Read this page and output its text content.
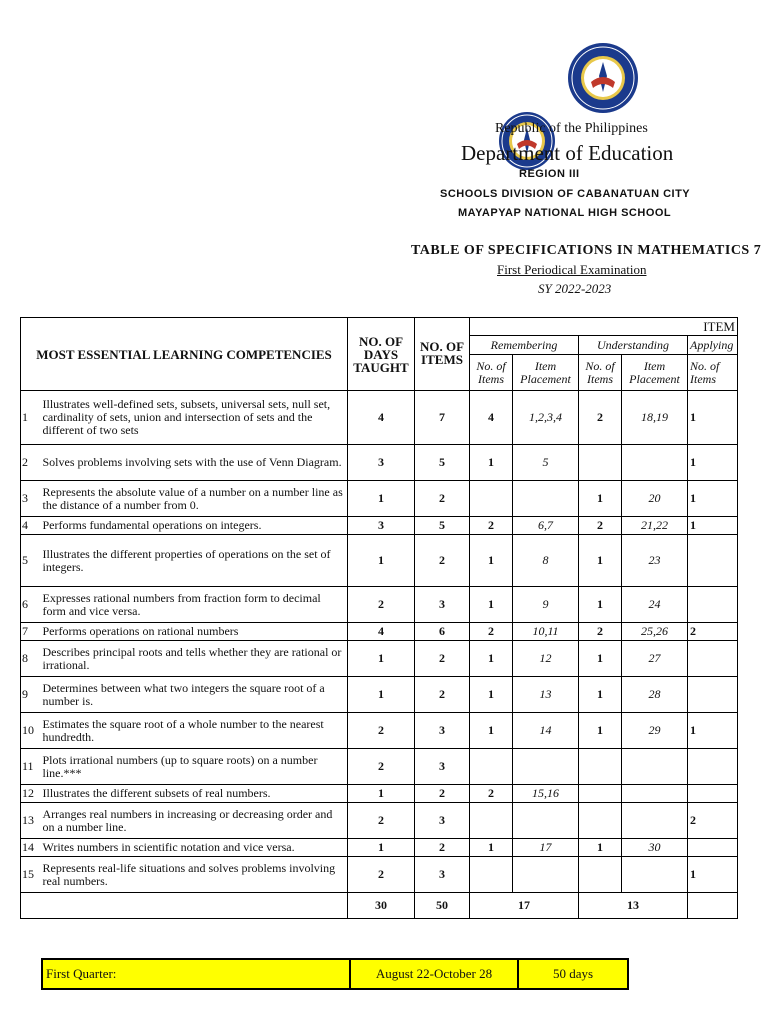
Republic of the Philippines
Department of Education
REGION III
SCHOOLS DIVISION OF CABANATUAN CITY
MAYAPYAP NATIONAL HIGH SCHOOL
TABLE OF SPECIFICATIONS IN MATHEMATICS 7
First Periodical Examination
SY 2022-2023
MOST ESSENTIAL LEARNING COMPETENCIES		NO. OF DAYS TAUGHT	NO. OF ITEMS	ITEM				
				Remembering		Understanding		Applying
				No. of Items	Item Placement	No. of Items	Item Placement	No. of Items
1	Illustrates well-defined sets, subsets, universal sets, null set, cardinality of sets, union and intersection of sets and the different of two sets	4	7	4	1,2,3,4	2	18,19	1
2	Solves problems involving sets with the use of Venn Diagram.	3	5	1	5			1
3	Represents the absolute value of a number on a number line as the distance of a number from 0.	1	2			1	20	1
4	Performs fundamental operations on integers.	3	5	2	6,7	2	21,22	1
5	Illustrates the different properties of operations on the set of integers.	1	2	1	8	1	23	
6	Expresses rational numbers from fraction form to decimal form and vice versa.	2	3	1	9	1	24	
7	Performs operations on rational numbers	4	6	2	10,11	2	25,26	2
8	Describes principal roots and tells whether they are rational or irrational.	1	2	1	12	1	27	
9	Determines between what two integers the square root of a number is.	1	2	1	13	1	28	
10	Estimates the square root of a whole number to the nearest hundredth.	2	3	1	14	1	29	1
11	Plots irrational numbers (up to square roots) on a number line.***	2	3					
12	Illustrates the different subsets of real numbers.	1	2	2	15,16			
13	Arranges real numbers in increasing or decreasing order and on a number line.	2	3					2
14	Writes numbers in scientific notation and vice versa.	1	2	1	17	1	30	
15	Represents real-life situations and solves problems involving real numbers.	2	3					1
		30	50	17		13		
First Quarter:	August 22-October 28	50 days
